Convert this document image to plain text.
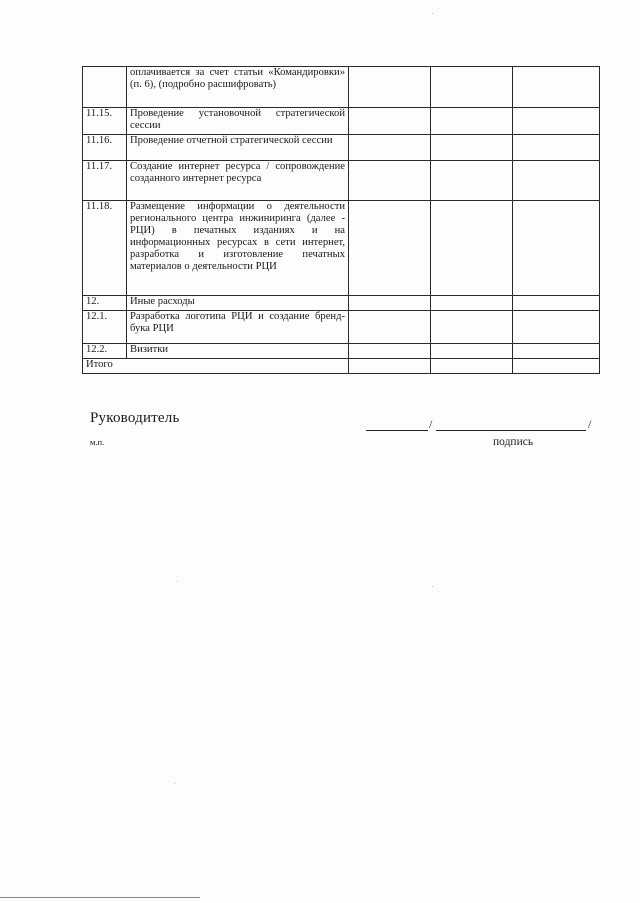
	оплачивается за счет статьи «Командировки» (п. 6), (подробно расшифровать)			
11.15.	Проведение установочной стратегической сессии			
11.16.	Проведение отчетной стратегической сессии			
11.17.	Создание интернет ресурса / сопровождение созданного интернет ресурса			
11.18.	Размещение информации о деятельности регионального центра инжиниринга (далее - РЦИ) в печатных изданиях и на информационных ресурсах в сети интернет, разработка и изготовление печатных материалов о деятельности РЦИ			
12.	Иные расходы			
12.1.	Разработка логотипа РЦИ и создание бренд-бука РЦИ			
12.2.	Визитки			
Итого				
Руководитель
м.п.
/	/
подпись
